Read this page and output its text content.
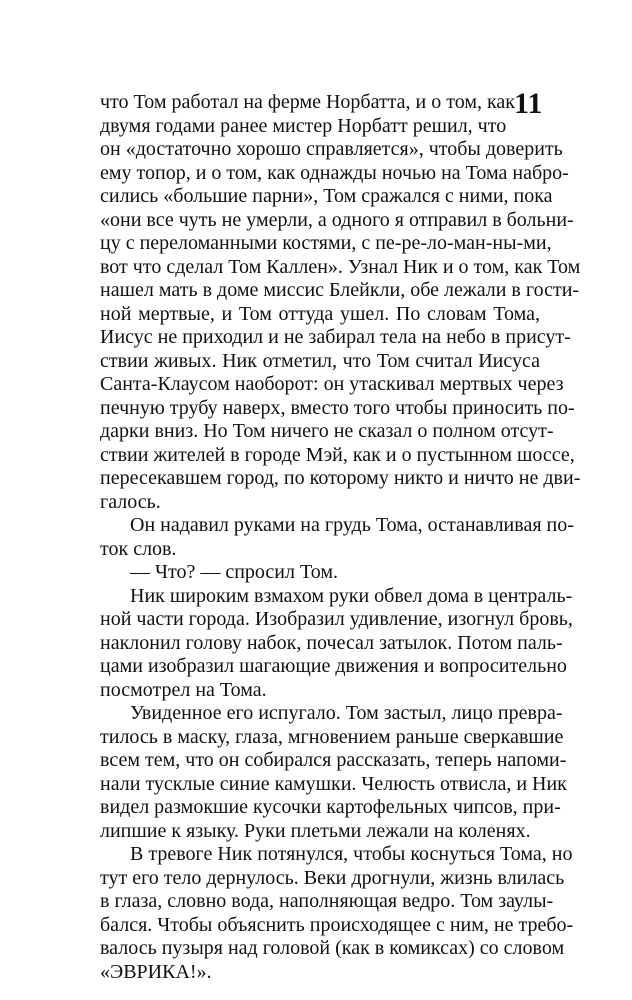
11
что Том работал на ферме Норбатта, и о том, как
двумя годами ранее мистер Норбатт решил, что
он «достаточно хорошо справляется», чтобы доверить
ему топор, и о том, как однажды ночью на Тома набро-
сились «большие парни», Том сражался с ними, пока
«они все чуть не умерли, а одного я отправил в больни-
цу с переломанными костями, с пе-ре-ло-ман-ны-ми,
вот что сделал Том Каллен». Узнал Ник и о том, как Том
нашел мать в доме миссис Блейкли, обе лежали в гости-
ной мертвые, и Том оттуда ушел. По словам Тома,
Иисус не приходил и не забирал тела на небо в присут-
ствии живых. Ник отметил, что Том считал Иисуса
Санта-Клаусом наоборот: он утаскивал мертвых через
печную трубу наверх, вместо того чтобы приносить по-
дарки вниз. Но Том ничего не сказал о полном отсут-
ствии жителей в городе Мэй, как и о пустынном шоссе,
пересекавшем город, по которому никто и ничто не дви-
галось.
Он надавил руками на грудь Тома, останавливая по-
ток слов.
— Что? — спросил Том.
Ник широким взмахом руки обвел дома в централь-
ной части города. Изобразил удивление, изогнул бровь,
наклонил голову набок, почесал затылок. Потом паль-
цами изобразил шагающие движения и вопросительно
посмотрел на Тома.
Увиденное его испугало. Том застыл, лицо преврa-
тилось в маску, глаза, мгновением раньше сверкавшие
всем тем, что он собирался рассказать, теперь напоми-
нали тусклые синие камушки. Челюсть отвисла, и Ник
видел размокшие кусочки картофельных чипсов, при-
липшие к языку. Руки плетьми лежали на коленях.
В тревоге Ник потянулся, чтобы коснуться Тома, но
тут его тело дернулось. Веки дрогнули, жизнь влилась
в глаза, словно вода, наполняющая ведро. Том заулы-
бался. Чтобы объяснить происходящее с ним, не требо-
валось пузыря над головой (как в комиксах) со словом
«ЭВРИКА!».
